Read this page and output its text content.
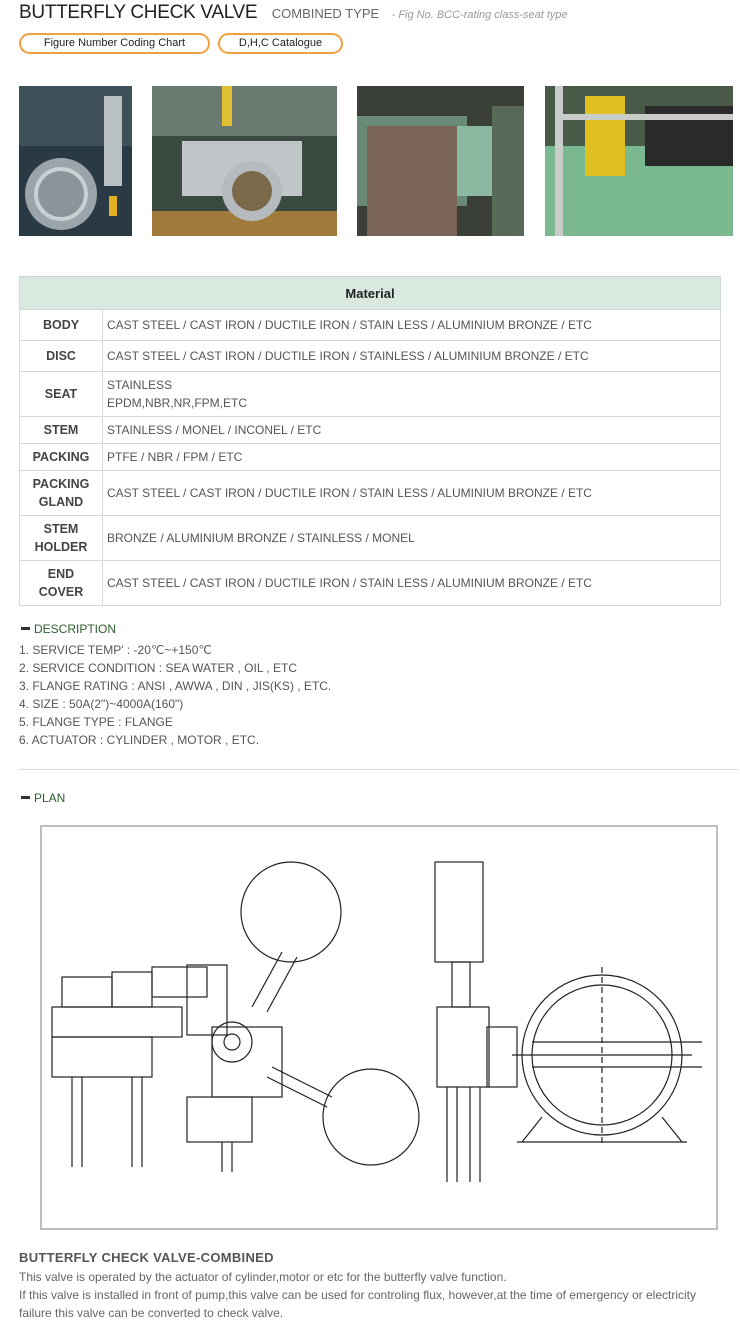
BUTTERFLY CHECK VALVE COMBINED TYPE - Fig No. BCC-rating class-seat type
Figure Number Coding Chart	D,H,C Catalogue
Material	
BODY	CAST STEEL / CAST IRON / DUCTILE IRON / STAIN LESS / ALUMINIUM BRONZE / ETC
DISC	CAST STEEL / CAST IRON / DUCTILE IRON / STAINLESS / ALUMINIUM BRONZE / ETC
SEAT	STAINLESS
EPDM,NBR,NR,FPM,ETC

STEM	STAINLESS / MONEL / INCONEL / ETC
PACKING	PTFE / NBR / FPM / ETC

PACKING
GLAND	CAST STEEL / CAST IRON / DUCTILE IRON / STAIN LESS / ALUMINIUM BRONZE / ETC

STEM
HOLDER	BRONZE / ALUMINIUM BRONZE / STAINLESS / MONEL

END
COVER	CAST STEEL / CAST IRON / DUCTILE IRON / STAIN LESS / ALUMINIUM BRONZE / ETC
DESCRIPTION
1. SERVICE TEMP' : -20℃~+150℃
2. SERVICE CONDITION : SEA WATER , OIL , ETC
3. FLANGE RATING : ANSI , AWWA , DIN , JIS(KS) , ETC.
4. SIZE : 50A(2")~4000A(160")
5. FLANGE TYPE : FLANGE
6. ACTUATOR : CYLINDER , MOTOR , ETC.
PLAN
BUTTERFLY CHECK VALVE-COMBINED
This valve is operated by the actuator of cylinder,motor or etc for the butterfly valve function.
If this valve is installed in front of pump,this valve can be used for controling flux, however,at the time of emergency or electricity failure this valve can be converted to check valve.
